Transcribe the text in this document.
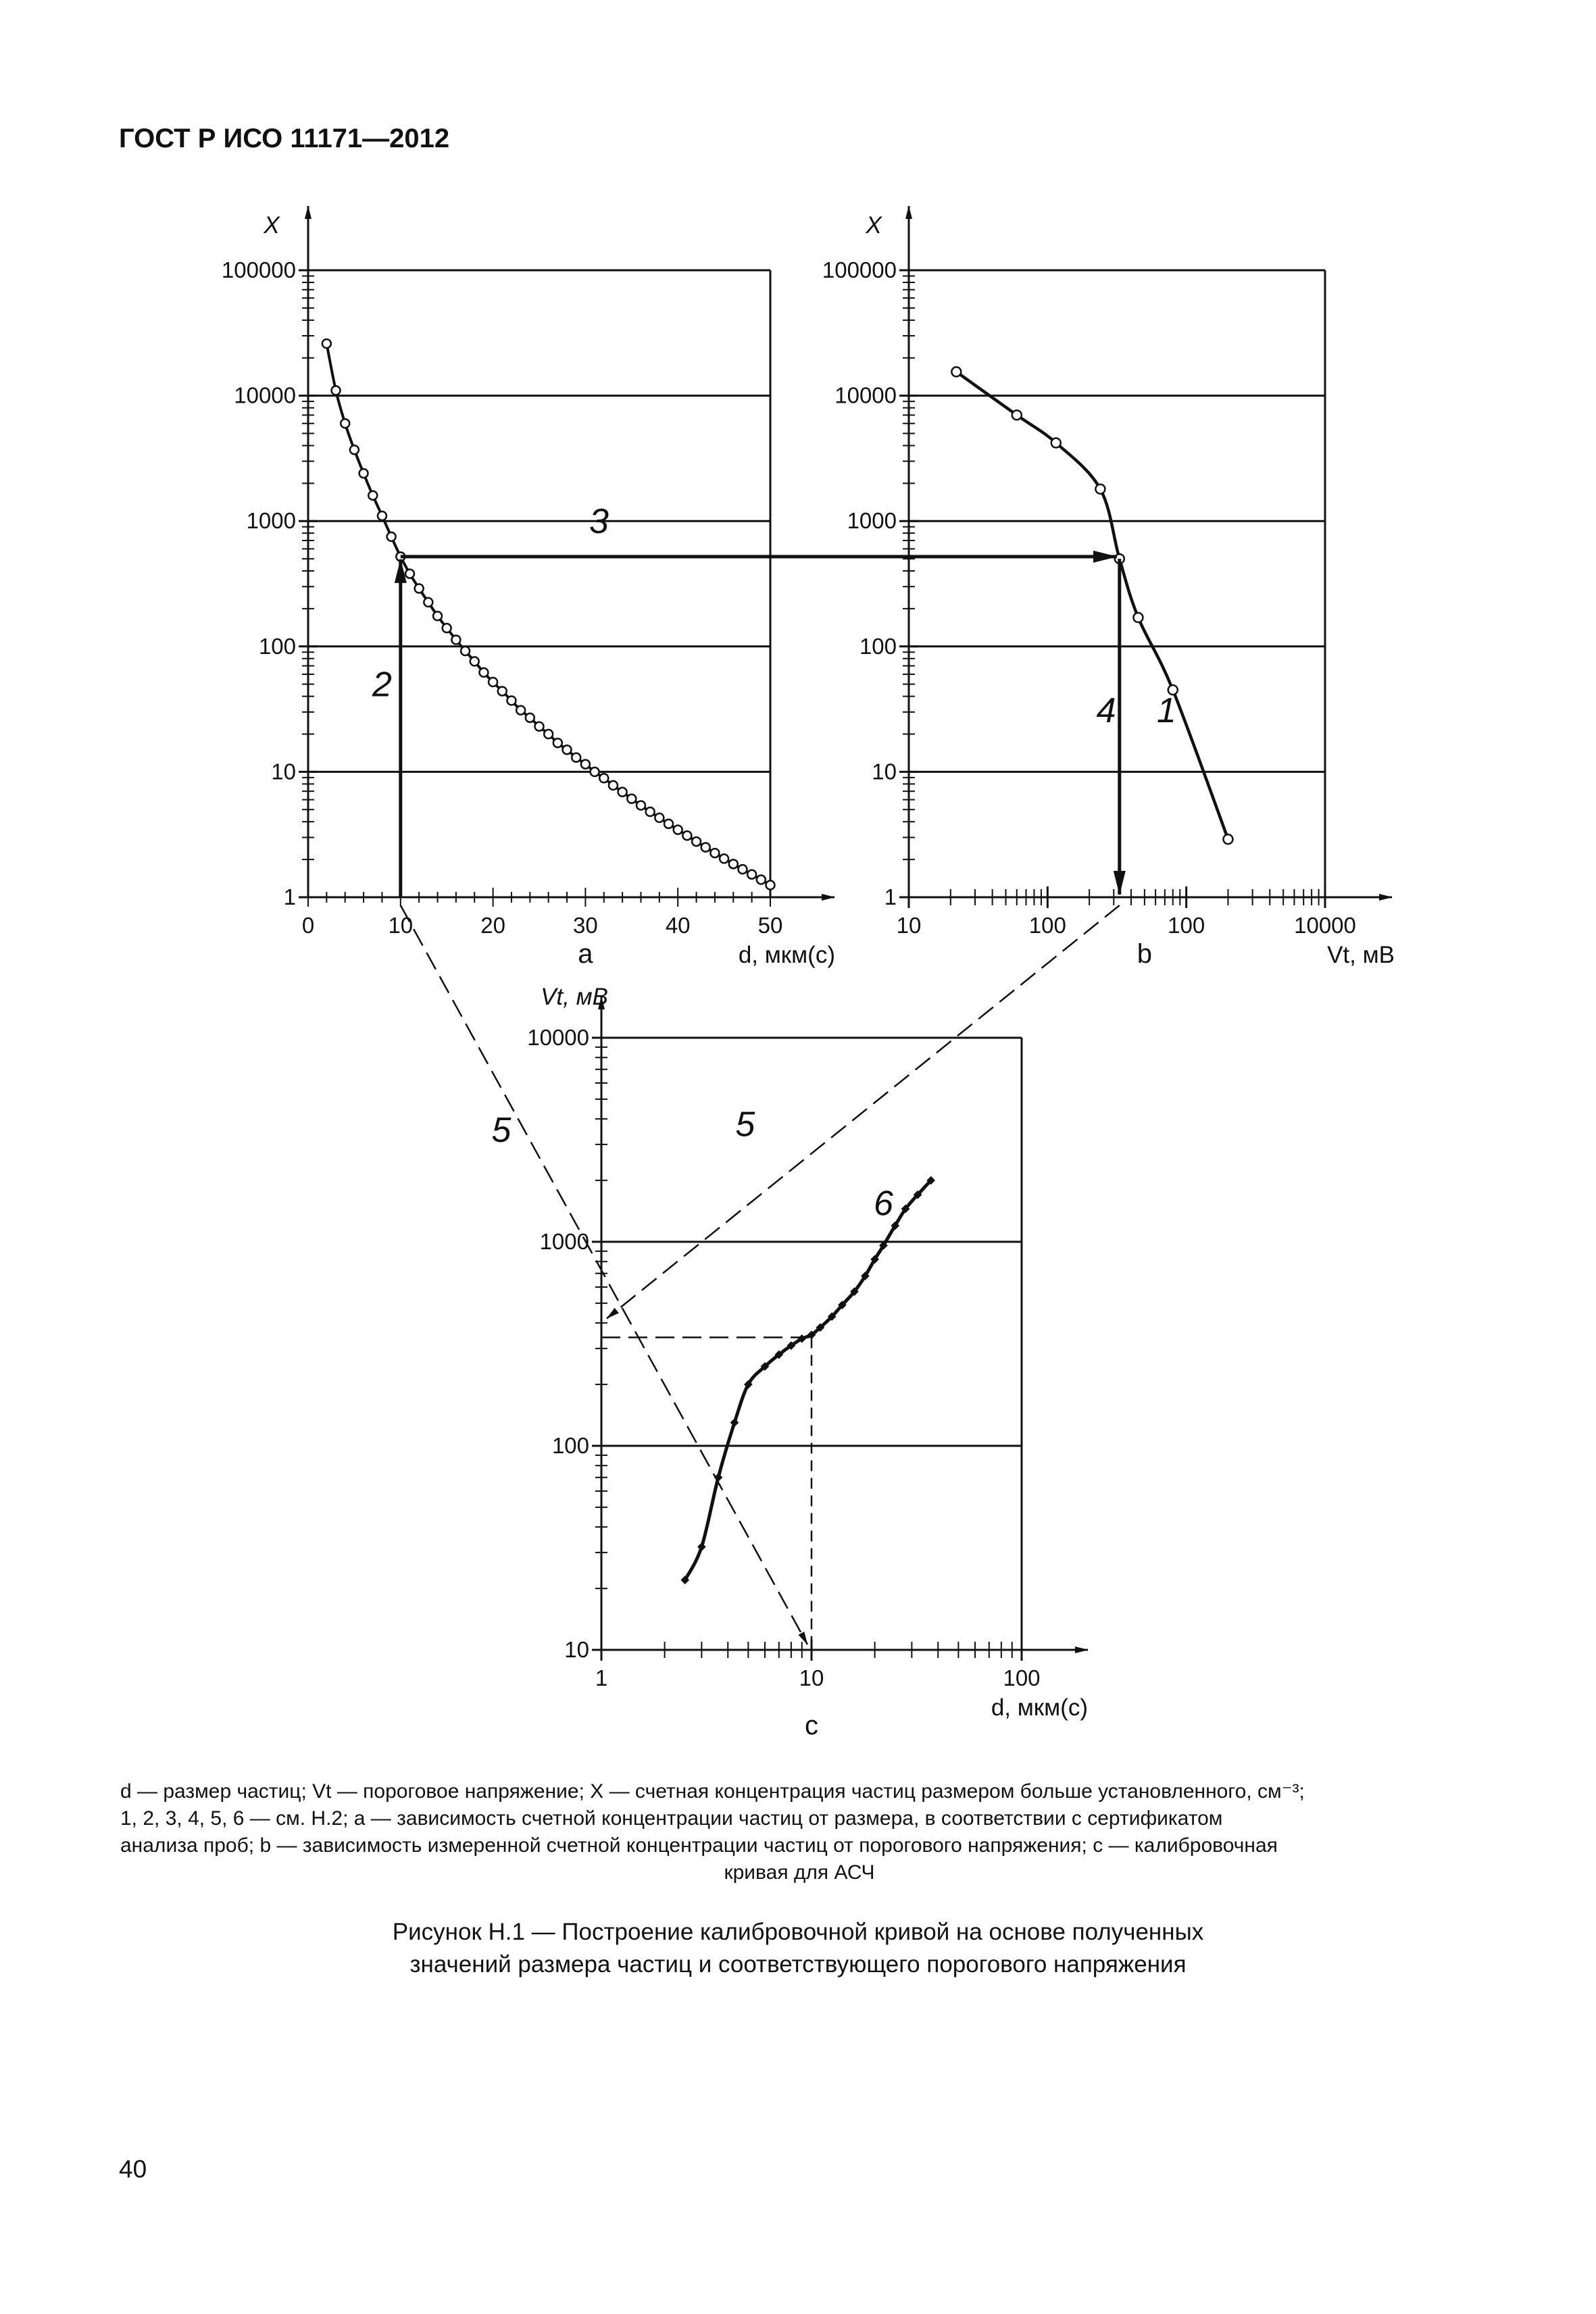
ГОСТ Р ИСО 11171—2012
1
10
100
1000
10000
100000
0	10	20	30	40	50
X
d, мкм(с)
a
2
3
1
10
100
1000
10000
100000
10	100	100	10000
X
Vt, мВ
b
4 1
10
100
1000
10000
1	10	100
Vt, мВ
d, мкм(с)
c
6
5
5
d — размер частиц; Vt — пороговое напряжение; X — счетная концентрация частиц размером больше установленного, см⁻³;
1, 2, 3, 4, 5, 6 — см. Н.2; a — зависимость счетной концентрации частиц от размера, в соответствии с сертификатом
анализа проб; b — зависимость измеренной счетной концентрации частиц от порогового напряжения; c — калибровочная
кривая для АСЧ
Рисунок Н.1 — Построение калибровочной кривой на основе полученных
значений размера частиц и соответствующего порогового напряжения
40
